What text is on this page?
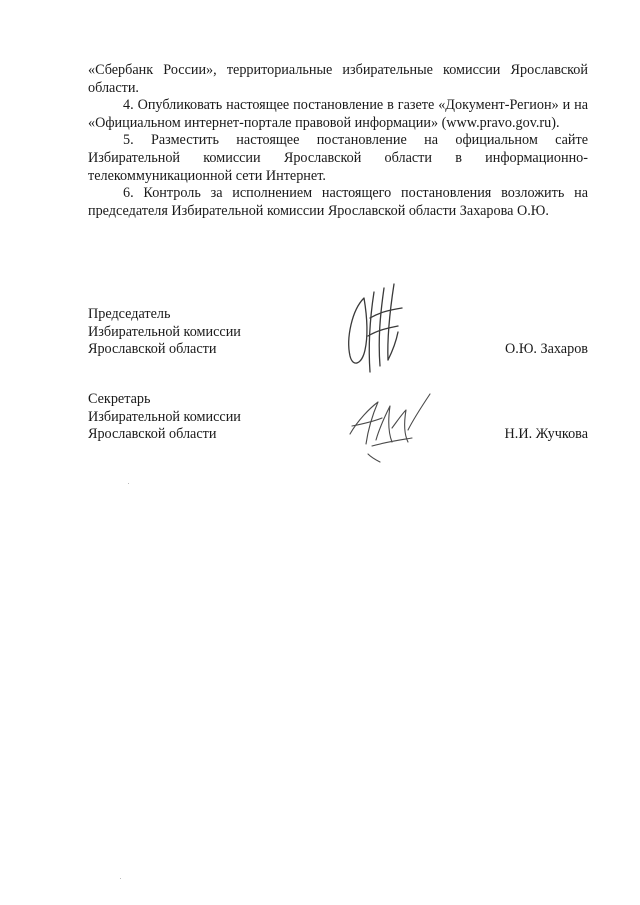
«Сбербанк России», территориальные избирательные комиссии Ярославской области.

4. Опубликовать настоящее постановление в газете «Документ-Регион» и на «Официальном интернет-портале правовой информации» (www.pravo.gov.ru).

5. Разместить настоящее постановление на официальном сайте Избирательной комиссии Ярославской области в информационно-телекоммуникационной сети Интернет.

6. Контроль за исполнением настоящего постановления возложить на председателя Избирательной комиссии Ярославской области Захарова О.Ю.

Председатель
Избирательной комиссии
Ярославской области	О.Ю. Захаров
Секретарь
Избирательной комиссии
Ярославской области	Н.И. Жучкова
